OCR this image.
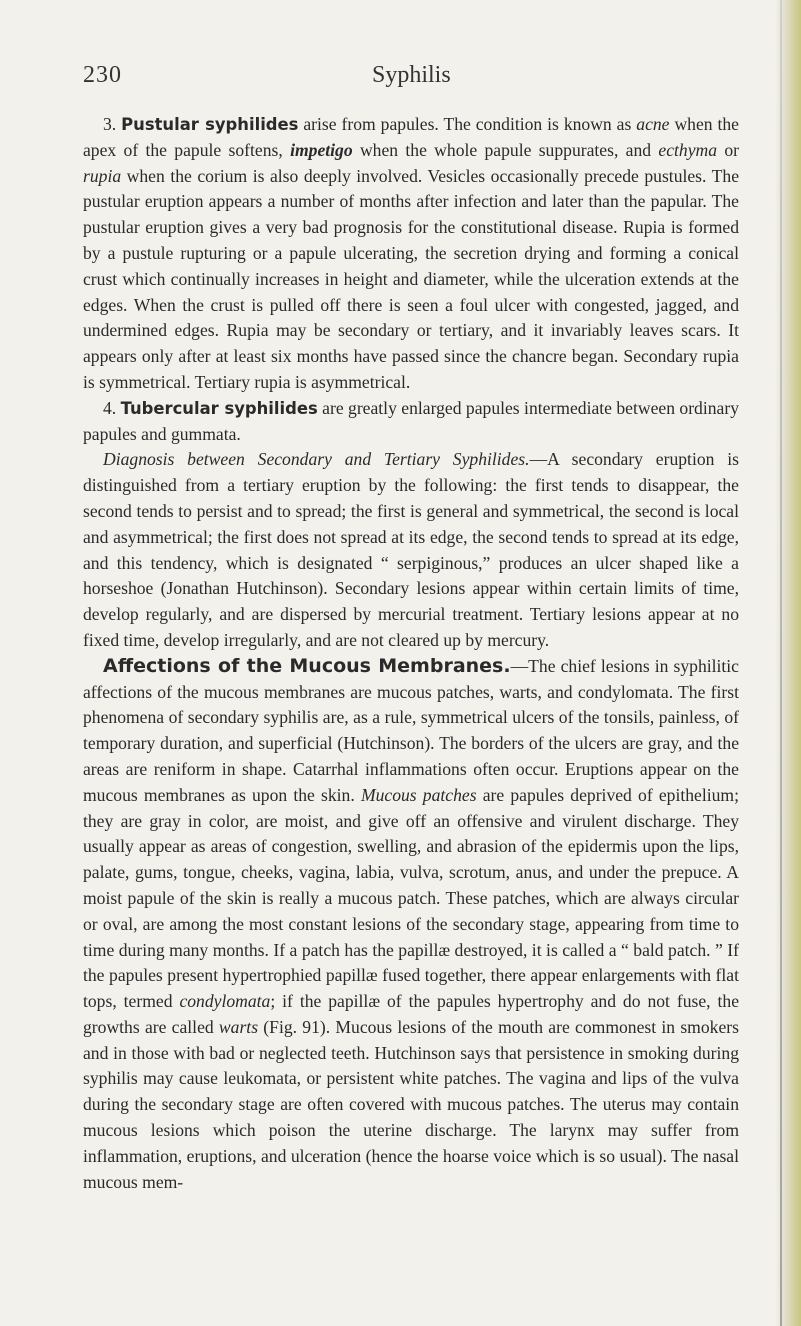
230	Syphilis

3. Pustular syphilides arise from papules. The condition is known as acne when the apex of the papule softens, impetigo when the whole papule suppurates, and ecthyma or rupia when the corium is also deeply involved. Vesicles occasionally precede pustules. The pustular eruption appears a number of months after infection and later than the papular. The pustular eruption gives a very bad prognosis for the constitutional disease. Rupia is formed by a pustule rupturing or a papule ulcerating, the secretion drying and forming a conical crust which continually increases in height and diameter, while the ulceration extends at the edges. When the crust is pulled off there is seen a foul ulcer with congested, jagged, and undermined edges. Rupia may be secondary or tertiary, and it invariably leaves scars. It appears only after at least six months have passed since the chancre began. Secondary rupia is symmetrical. Tertiary rupia is asymmetrical.

4. Tubercular syphilides are greatly enlarged papules intermediate between ordinary papules and gummata.

Diagnosis between Secondary and Tertiary Syphilides.—A secondary eruption is distinguished from a tertiary eruption by the following: the first tends to disappear, the second tends to persist and to spread; the first is general and symmetrical, the second is local and asymmetrical; the first does not spread at its edge, the second tends to spread at its edge, and this tendency, which is designated “ serpiginous,” produces an ulcer shaped like a horseshoe (Jonathan Hutchinson). Secondary lesions appear within certain limits of time, develop regularly, and are dispersed by mercurial treatment. Tertiary lesions appear at no fixed time, develop irregularly, and are not cleared up by mercury.

Affections of the Mucous Membranes.—The chief lesions in syphilitic affections of the mucous membranes are mucous patches, warts, and condylomata. The first phenomena of secondary syphilis are, as a rule, symmetrical ulcers of the tonsils, painless, of temporary duration, and superficial (Hutchinson). The borders of the ulcers are gray, and the areas are reniform in shape. Catarrhal inflammations often occur. Eruptions appear on the mucous membranes as upon the skin. Mucous patches are papules deprived of epithelium; they are gray in color, are moist, and give off an offensive and virulent discharge. They usually appear as areas of congestion, swelling, and abrasion of the epidermis upon the lips, palate, gums, tongue, cheeks, vagina, labia, vulva, scrotum, anus, and under the prepuce. A moist papule of the skin is really a mucous patch. These patches, which are always circular or oval, are among the most constant lesions of the secondary stage, appearing from time to time during many months. If a patch has the papillæ destroyed, it is called a “ bald patch. ” If the papules present hypertrophied papillæ fused together, there appear enlargements with flat tops, termed condylomata; if the papillæ of the papules hypertrophy and do not fuse, the growths are called warts (Fig. 91). Mucous lesions of the mouth are commonest in smokers and in those with bad or neglected teeth. Hutchinson says that persistence in smoking during syphilis may cause leukomata, or persistent white patches. The vagina and lips of the vulva during the secondary stage are often covered with mucous patches. The uterus may contain mucous lesions which poison the uterine discharge. The larynx may suffer from inflammation, eruptions, and ulceration (hence the hoarse voice which is so usual). The nasal mucous mem-
